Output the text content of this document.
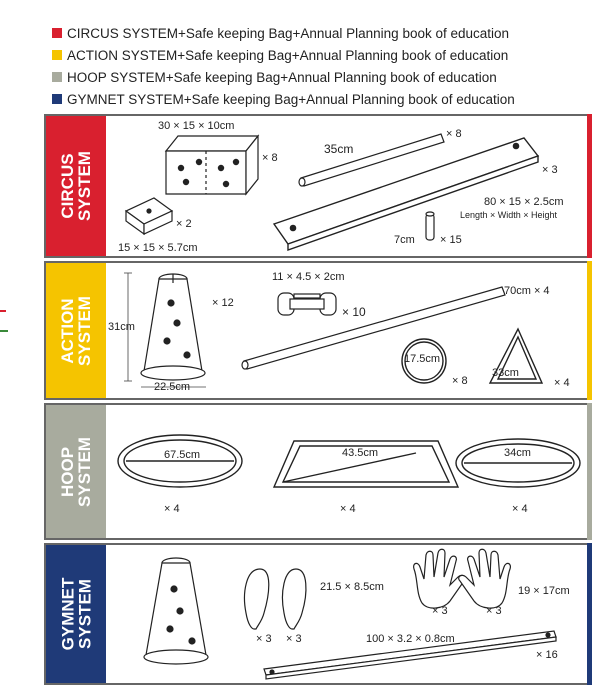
CIRCUS SYSTEM+Safe keeping Bag+Annual Planning book of education
ACTION SYSTEM+Safe keeping Bag+Annual Planning book of education
HOOP SYSTEM+Safe keeping Bag+Annual Planning book of education
GYMNET SYSTEM+Safe keeping Bag+Annual Planning book of education
CIRCUS
SYSTEM
30 × 15 × 10cm
× 8
× 2
15 × 15 × 5.7cm
35cm
× 8
× 3
80 × 15 × 2.5cm
Length × Width × Height
7cm × 15
ACTION
SYSTEM	× 12
31cm
22.5cm
11 × 4.5 × 2cm
× 10
70cm × 4
17.5cm
× 8
33cm
× 4
HOOP
SYSTEM	67.5cm
× 4
43.5cm
× 4
34cm
× 4
GYMNET
SYSTEM	21.5 × 8.5cm
× 3 × 3
19 × 17cm
× 3	× 3
100 × 3.2 × 0.8cm
× 16
